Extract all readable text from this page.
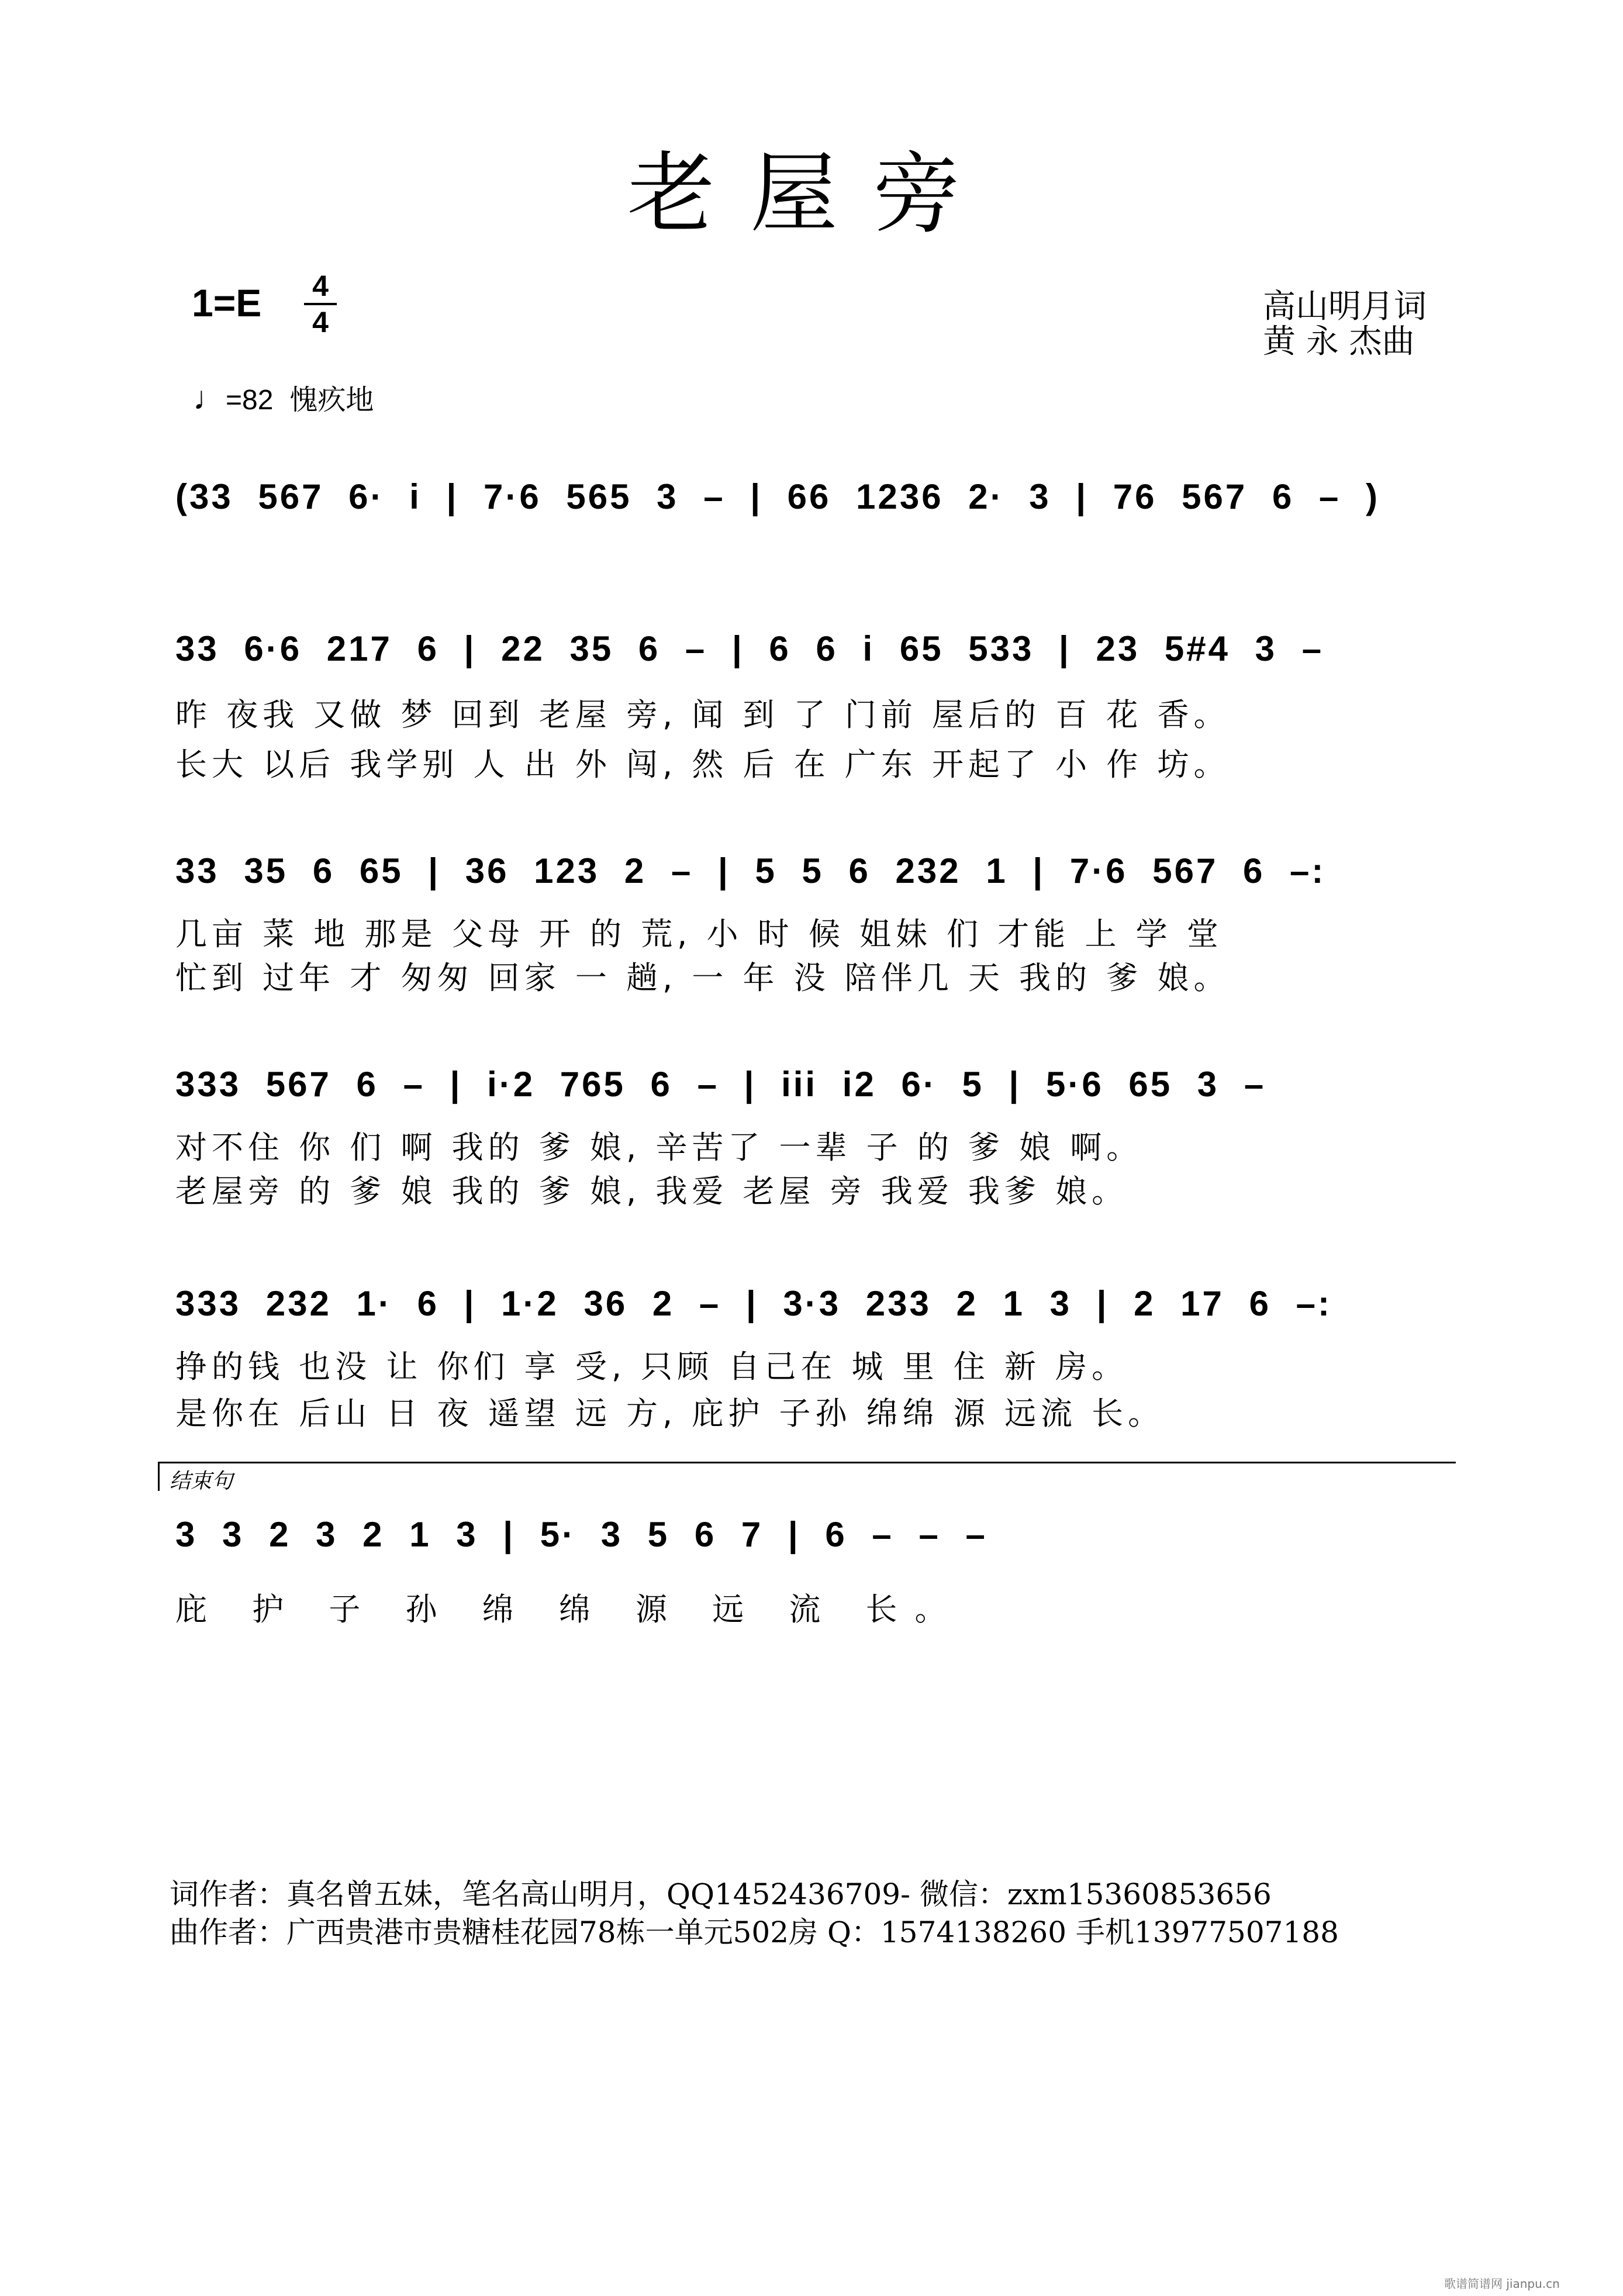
老屋旁
1=E 4
4	高山明月词
黄 永 杰曲
♩=82 愧疚地
(33 567 6· i | 7·6 565 3 – | 66 1236 2· 3 | 76 567 6 – )
33 6·6 217 6 | 22 35 6 – | 6 6 i 65 533 | 23 5#4 3 –
昨 夜我 又做 梦 回到 老屋 旁, 闻 到 了 门前 屋后的 百 花 香。
长大 以后 我学别 人 出 外 闯, 然 后 在 广东 开起了 小 作 坊。
33 35 6 65 | 36 123 2 – | 5 5 6 232 1 | 7·6 567 6 –:
几亩 菜 地 那是 父母 开 的 荒, 小 时 候 姐妹 们 才能 上 学 堂
忙到 过年 才 匆匆 回家 一 趟, 一 年 没 陪伴几 天 我的 爹 娘。
333 567 6 – | i·2 765 6 – | iii i2 6· 5 | 5·6 65 3 –
对不住 你 们 啊 我的 爹 娘, 辛苦了 一辈 子 的 爹 娘 啊。
老屋旁 的 爹 娘 我的 爹 娘, 我爱 老屋 旁 我爱 我爹 娘。
333 232 1· 6 | 1·2 36 2 – | 3·3 233 2 1 3 | 2 17 6 –:
挣的钱 也没 让 你们 享 受, 只顾 自己在 城 里 住 新 房。
是你在 后山 日 夜 遥望 远 方, 庇护 子孙 绵绵 源 远流 长。
结束句
3 3 2 3 2 1 3 | 5· 3 5 6 7 | 6 – – –
庇 护 子 孙 绵 绵 源 远 流 长。
词作者：真名曾五妹，笔名高山明月，QQ1452436709- 微信：zxm15360853656
曲作者：广西贵港市贵糖桂花园78栋一单元502房 Q：1574138260 手机13977507188
歌谱简谱网 jianpu.cn
